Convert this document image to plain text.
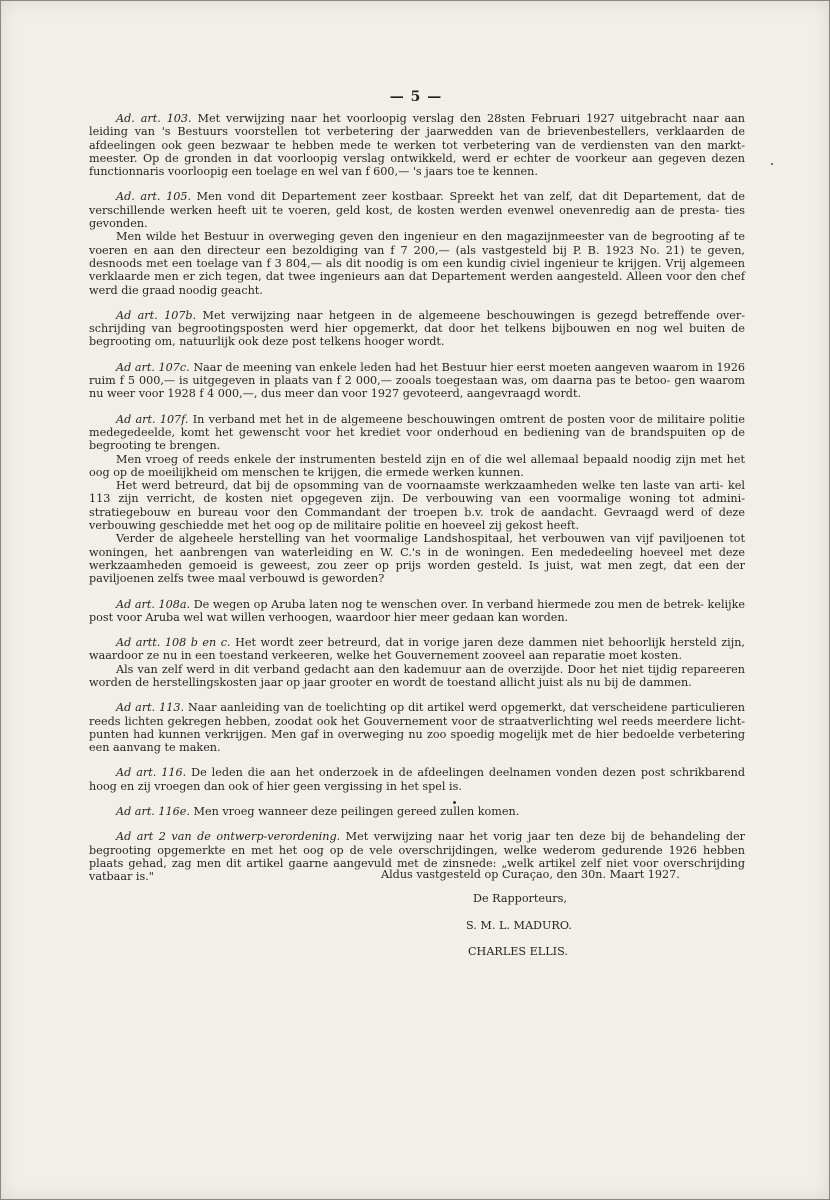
— 5 —

Ad. art. 103. Met verwijzing naar het voorloopig verslag den 28sten Februari 1927 uitgebracht naar aan leiding van 's Bestuurs voorstellen tot verbetering der jaarwedden van de brievenbestellers, verklaarden de afdeelingen ook geen bezwaar te hebben mede te werken tot verbetering van de verdiensten van den markt- meester. Op de gronden in dat voorloopig verslag ontwikkeld, werd er echter de voorkeur aan gegeven dezen functionnaris voorloopig een toelage en wel van f 600,— 's jaars toe te kennen.

Ad. art. 105. Men vond dit Departement zeer kostbaar. Spreekt het van zelf, dat dit Departement, dat de verschillende werken heeft uit te voeren, geld kost, de kosten werden evenwel onevenredig aan de presta- ties gevonden.

Men wilde het Bestuur in overweging geven den ingenieur en den magazijnmeester van de begrooting af te voeren en aan den directeur een bezoldiging van f 7 200,— (als vastgesteld bij P. B. 1923 No. 21) te geven, desnoods met een toelage van f 3 804,— als dit noodig is om een kundig civiel ingenieur te krijgen. Vrij algemeen verklaarde men er zich tegen, dat twee ingenieurs aan dat Departement werden aangesteld. Alleen voor den chef werd die graad noodig geacht.

Ad art. 107b. Met verwijzing naar hetgeen in de algemeene beschouwingen is gezegd betreffende over- schrijding van begrootingsposten werd hier opgemerkt, dat door het telkens bijbouwen en nog wel buiten de begrooting om, natuurlijk ook deze post telkens hooger wordt.

Ad art. 107c. Naar de meening van enkele leden had het Bestuur hier eerst moeten aangeven waarom in 1926 ruim f 5 000,— is uitgegeven in plaats van f 2 000,— zooals toegestaan was, om daarna pas te betoo- gen waarom nu weer voor 1928 f 4 000,—, dus meer dan voor 1927 gevoteerd, aangevraagd wordt.

Ad art. 107f. In verband met het in de algemeene beschouwingen omtrent de posten voor de militaire politie medegedeelde, komt het gewenscht voor het krediet voor onderhoud en bediening van de brandspuiten op de begrooting te brengen.

Men vroeg of reeds enkele der instrumenten besteld zijn en of die wel allemaal bepaald noodig zijn met het oog op de moeilijkheid om menschen te krijgen, die ermede werken kunnen.

Het werd betreurd, dat bij de opsomming van de voornaamste werkzaamheden welke ten laste van arti- kel 113 zijn verricht, de kosten niet opgegeven zijn. De verbouwing van een voormalige woning tot admini- stratiegebouw en bureau voor den Commandant der troepen b.v. trok de aandacht. Gevraagd werd of deze verbouwing geschiedde met het oog op de militaire politie en hoeveel zij gekost heeft.

Verder de algeheele herstelling van het voormalige Landshospitaal, het verbouwen van vijf paviljoenen tot woningen, het aanbrengen van waterleiding en W. C.'s in de woningen. Een mededeeling hoeveel met deze werkzaamheden gemoeid is geweest, zou zeer op prijs worden gesteld. Is juist, wat men zegt, dat een der paviljoenen zelfs twee maal verbouwd is geworden?

Ad art. 108a. De wegen op Aruba laten nog te wenschen over. In verband hiermede zou men de betrek- kelijke post voor Aruba wel wat willen verhoogen, waardoor hier meer gedaan kan worden.

Ad artt. 108 b en c. Het wordt zeer betreurd, dat in vorige jaren deze dammen niet behoorlijk hersteld zijn, waardoor ze nu in een toestand verkeeren, welke het Gouvernement zooveel aan reparatie moet kosten.

Als van zelf werd in dit verband gedacht aan den kademuur aan de overzijde. Door het niet tijdig repareeren worden de herstellingskosten jaar op jaar grooter en wordt de toestand allicht juist als nu bij de dammen.

Ad art. 113. Naar aanleiding van de toelichting op dit artikel werd opgemerkt, dat verscheidene particulieren reeds lichten gekregen hebben, zoodat ook het Gouvernement voor de straatverlichting wel reeds meerdere licht- punten had kunnen verkrijgen. Men gaf in overweging nu zoo spoedig mogelijk met de hier bedoelde verbetering een aanvang te maken.

Ad art. 116. De leden die aan het onderzoek in de afdeelingen deelnamen vonden dezen post schrikbarend hoog en zij vroegen dan ook of hier geen vergissing in het spel is.

Ad art. 116e. Men vroeg wanneer deze peilingen gereed zullen komen.

Ad art 2 van de ontwerp-verordening. Met verwijzing naar het vorig jaar ten deze bij de behandeling der begrooting opgemerkte en met het oog op de vele overschrijdingen, welke wederom gedurende 1926 hebben plaats gehad, zag men dit artikel gaarne aangevuld met de zinsnede: „welk artikel zelf niet voor overschrijding vatbaar is."	Aldus vastgesteld op Curaçao, den 30n. Maart 1927.
De Rapporteurs,
S. M. L. MADURO.
CHARLES ELLIS.
